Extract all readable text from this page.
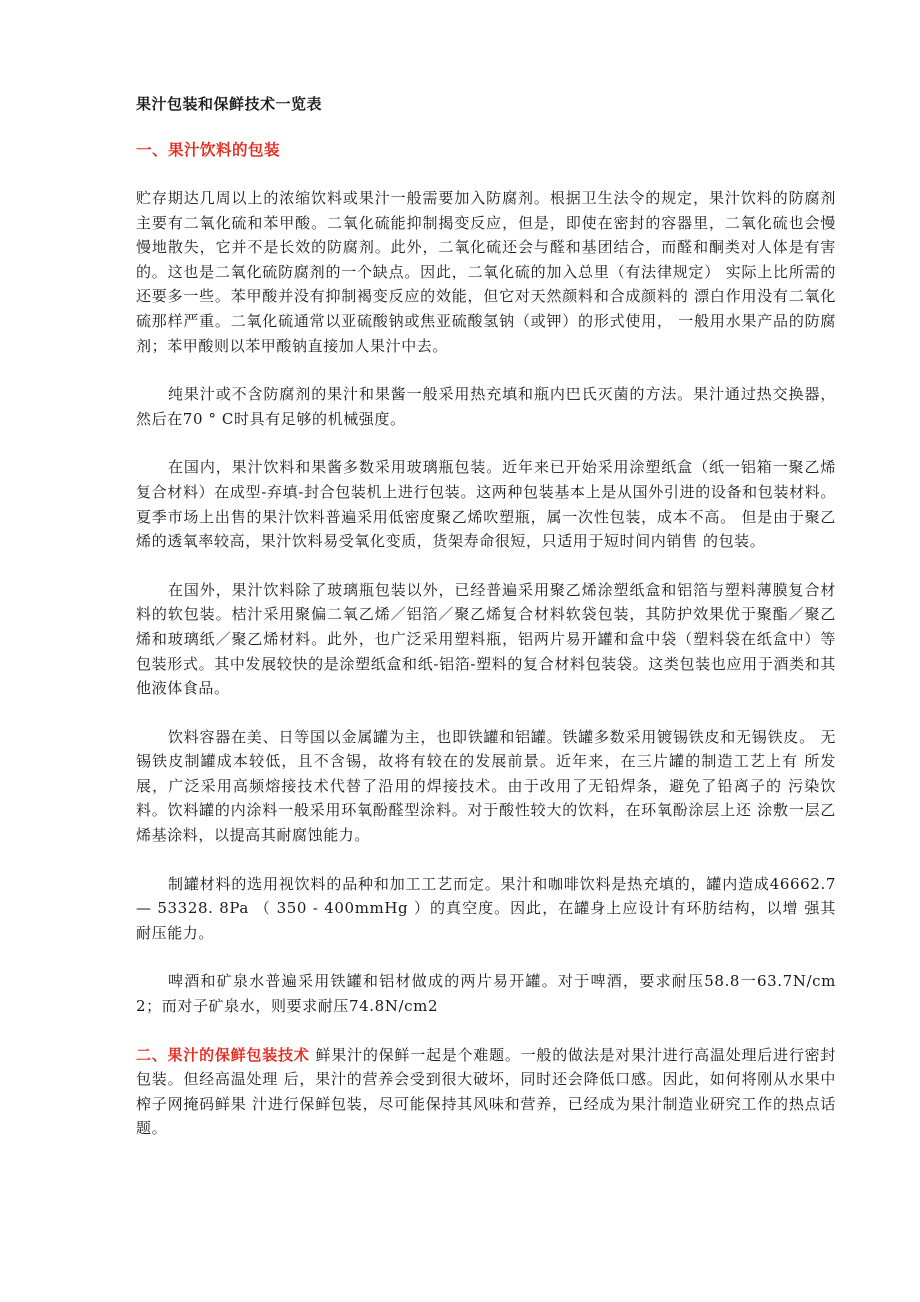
果汁包装和保鲜技术一览表
一、果汁饮料的包装

贮存期达几周以上的浓缩饮料或果汁一般需要加入防腐剂。根据卫生法令的规定，果汁饮料的防腐剂主要有二氧化硫和苯甲酸。二氧化硫能抑制揭变反应，但是，即使在密封的容器里，二氧化硫也会慢慢地散失，它并不是长效的防腐剂。此外，二氧化硫还会与醛和基团结合，而醛和酮类对人体是有害的。这也是二氧化硫防腐剂的一个缺点。因此，二氧化硫的加入总里（有法律规定） 实际上比所需的还要多一些。苯甲酸并没有抑制褐变反应的效能，但它对天然颜料和合成颜料的 漂白作用没有二氧化硫那样严重。二氧化硫通常以亚硫酸钠或焦亚硫酸氢钠（或钾）的形式使用， 一般用水果产品的防腐剂；苯甲酸则以苯甲酸钠直接加人果汁中去。

纯果汁或不含防腐剂的果汁和果酱一般采用热充填和瓶内巴氏灭菌的方法。果汁通过热交换器，然后在70 ° C时具有足够的机械强度。

在国内，果汁饮料和果酱多数采用玻璃瓶包装。近年来已开始采用涂塑纸盒（纸一铝箱一聚乙烯复合材料）在成型-弃填-封合包装机上进行包装。这两种包装基本上是从国外引进的设备和包装材料。夏季市场上出售的果汁饮料普遍采用低密度聚乙烯吹塑瓶，属一次性包装，成本不高。 但是由于聚乙烯的透氧率较高，果汁饮料易受氧化变质，货架寿命很短，只适用于短时间内销售 的包装。

在国外，果汁饮料除了玻璃瓶包装以外，已经普遍采用聚乙烯涂塑纸盒和铝箔与塑料薄膜复合材料的软包装。桔汁采用聚偏二氧乙烯／铝箔／聚乙烯复合材料软袋包装，其防护效果优于聚酯／聚乙烯和玻璃纸／聚乙烯材料。此外，也广泛采用塑料瓶，铝两片易开罐和盒中袋（塑料袋在纸盒中）等包装形式。其中发展较快的是涂塑纸盒和纸-铝箔-塑料的复合材料包装袋。这类包装也应用于酒类和其他液体食品。

饮料容器在美、日等国以金属罐为主，也即铁罐和铝罐。铁罐多数采用镀锡铁皮和无锡铁皮。 无锡铁皮制罐成本较低，且不含锡，故将有较在的发展前景。近年来，在三片罐的制造工艺上有 所发展，广泛采用高频熔接技术代替了沿用的焊接技术。由于改用了无铅焊条，避免了铅离子的 污染饮料。饮料罐的内涂料一般采用环氧酚醛型涂料。对于酸性较大的饮料，在环氧酚涂层上还 涂敷一层乙烯基涂料，以提高其耐腐蚀能力。

制罐材料的选用视饮料的品种和加工工艺而定。果汁和咖啡饮料是热充填的，罐内造成46662.7 — 53328. 8Pa （ 350 - 400mmHg ）的真空度。因此，在罐身上应设计有环肪结构，以增 强其耐压能力。

啤酒和矿泉水普遍采用铁罐和铝材做成的两片易开罐。对于啤酒，要求耐压58.8一63.7N/cm2；而对子矿泉水，则要求耐压74.8N/cm2

二、果汁的保鲜包装技术 鲜果汁的保鲜一起是个难题。一般的做法是对果汁进行高温处理后进行密封包装。但经高温处理 后，果汁的营养会受到很大破坏，同时还会降低口感。因此，如何将刚从水果中榨子网掩码鲜果 汁进行保鲜包装，尽可能保持其风味和营养，已经成为果汁制造业研究工作的热点话题。
